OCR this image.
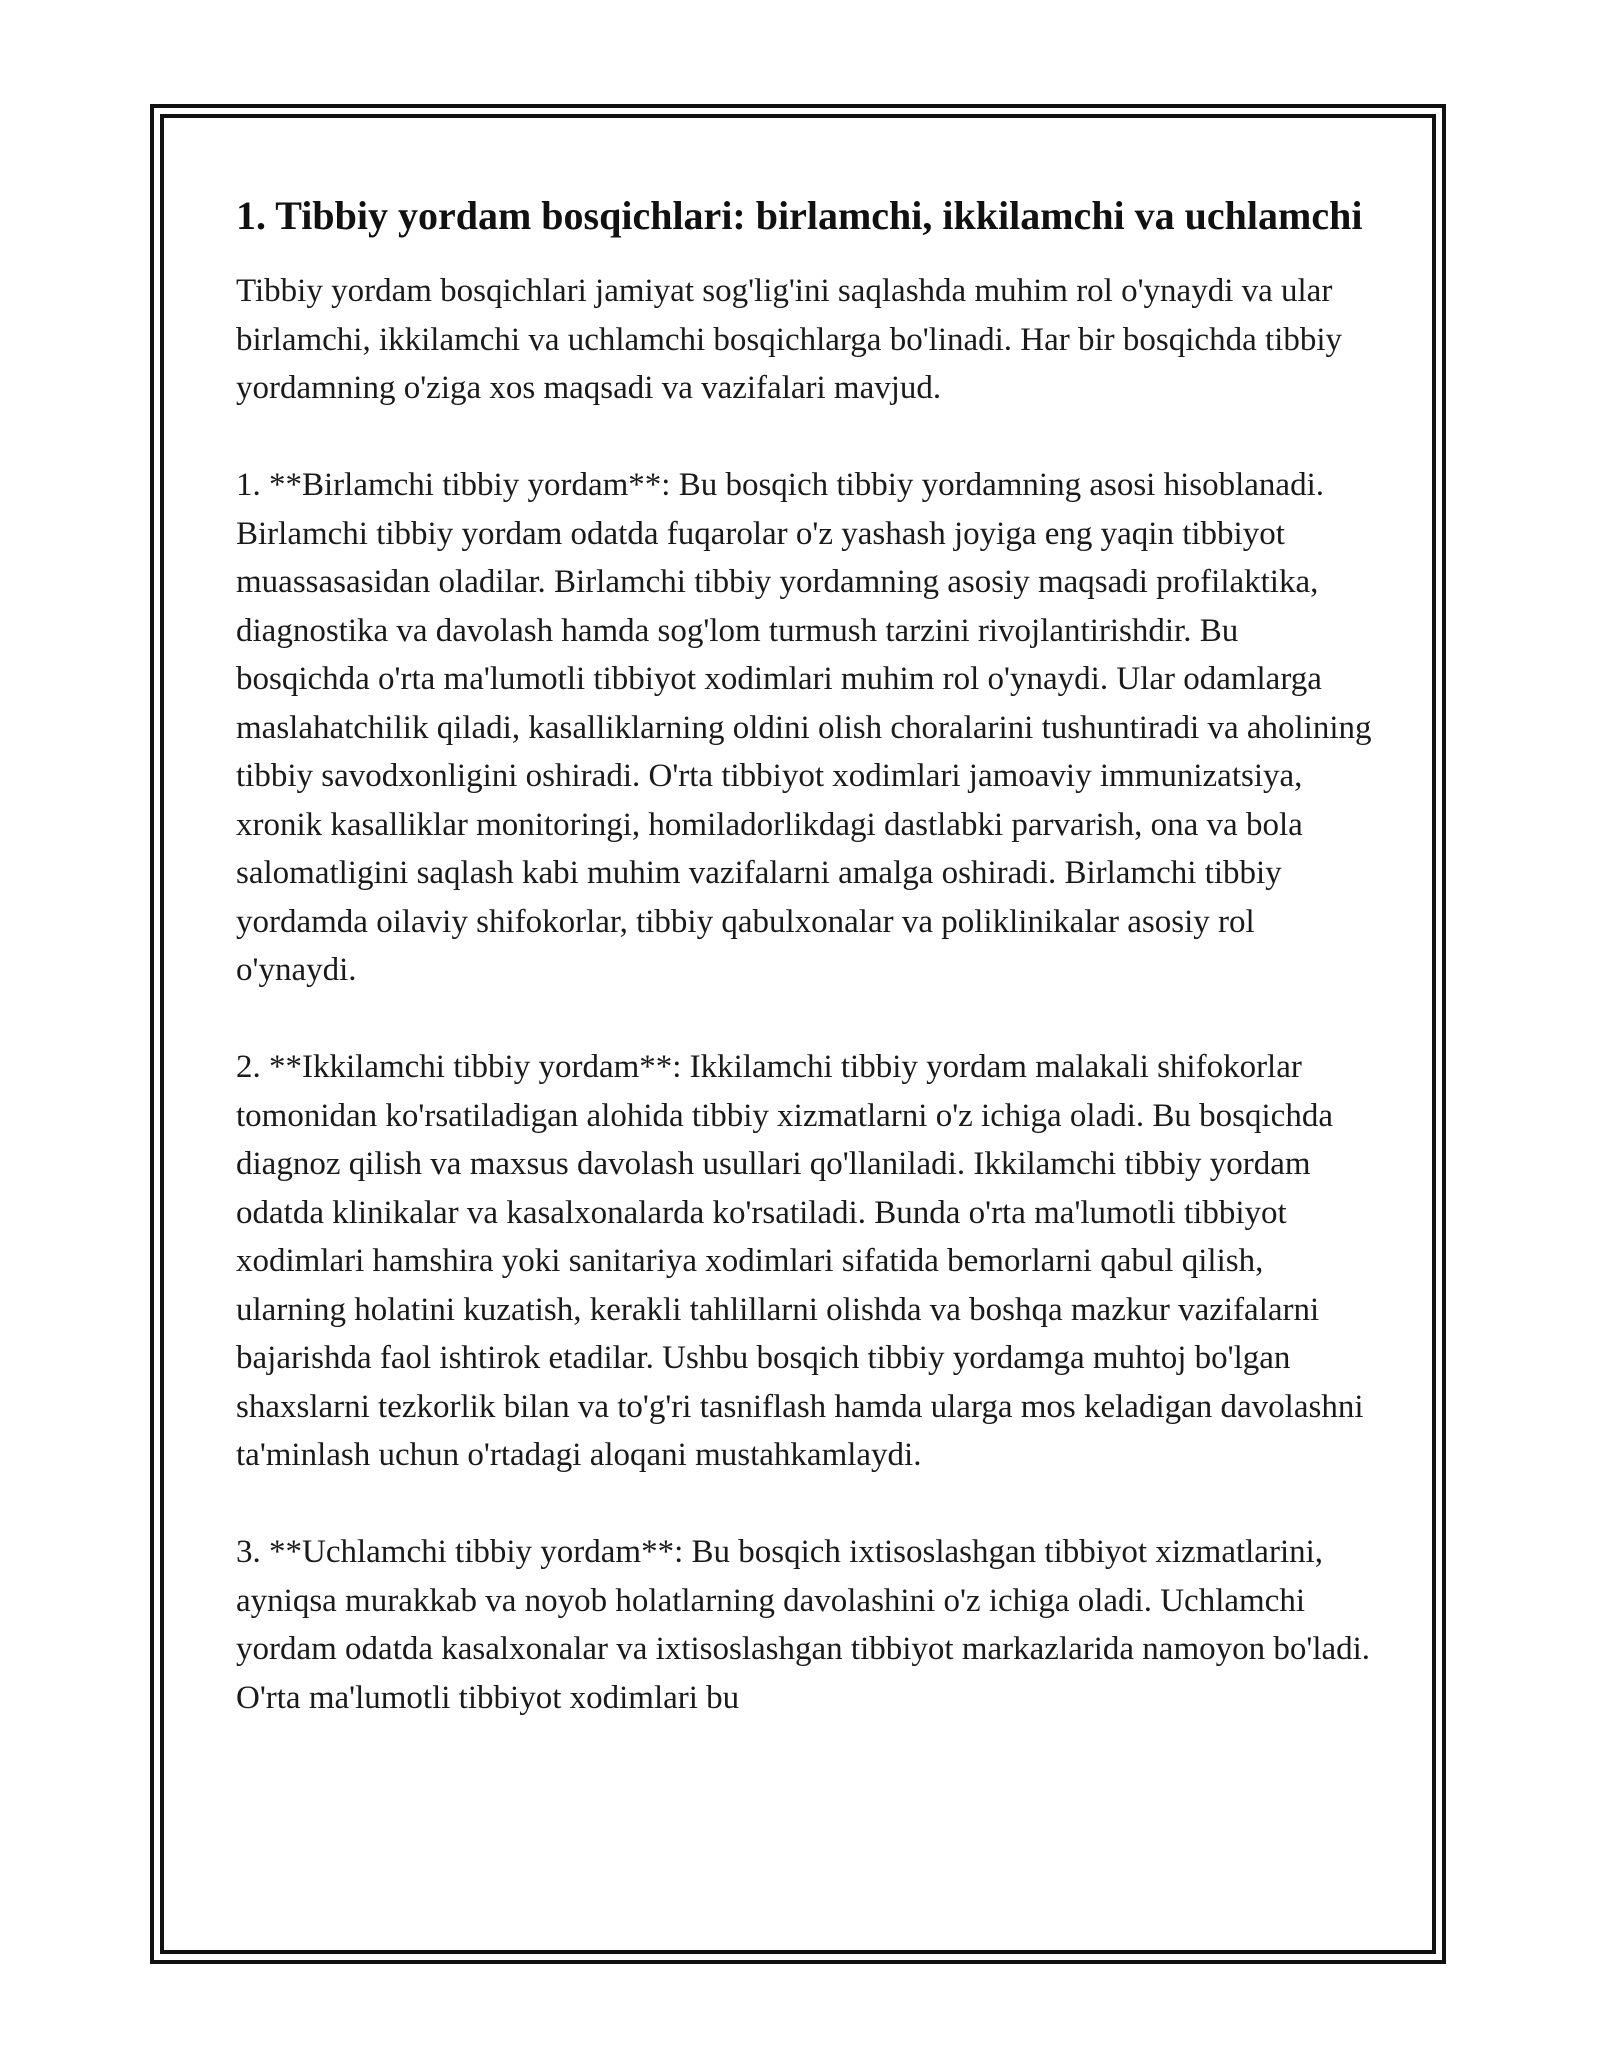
1. Tibbiy yordam bosqichlari: birlamchi, ikkilamchi va uchlamchi

Tibbiy yordam bosqichlari jamiyat sog'lig'ini saqlashda muhim rol o'ynaydi va ular birlamchi, ikkilamchi va uchlamchi bosqichlarga bo'linadi. Har bir bosqichda tibbiy yordamning o'ziga xos maqsadi va vazifalari mavjud.

1. **Birlamchi tibbiy yordam**: Bu bosqich tibbiy yordamning asosi hisoblanadi. Birlamchi tibbiy yordam odatda fuqarolar o'z yashash joyiga eng yaqin tibbiyot muassasasidan oladilar. Birlamchi tibbiy yordamning asosiy maqsadi profilaktika, diagnostika va davolash hamda sog'lom turmush tarzini rivojlantirishdir. Bu bosqichda o'rta ma'lumotli tibbiyot xodimlari muhim rol o'ynaydi. Ular odamlarga maslahatchilik qiladi, kasalliklarning oldini olish choralarini tushuntiradi va aholining tibbiy savodxonligini oshiradi. O'rta tibbiyot xodimlari jamoaviy immunizatsiya, xronik kasalliklar monitoringi, homiladorlikdagi dastlabki parvarish, ona va bola salomatligini saqlash kabi muhim vazifalarni amalga oshiradi. Birlamchi tibbiy yordamda oilaviy shifokorlar, tibbiy qabulxonalar va poliklinikalar asosiy rol o'ynaydi.

2. **Ikkilamchi tibbiy yordam**: Ikkilamchi tibbiy yordam malakali shifokorlar tomonidan ko'rsatiladigan alohida tibbiy xizmatlarni o'z ichiga oladi. Bu bosqichda diagnoz qilish va maxsus davolash usullari qo'llaniladi. Ikkilamchi tibbiy yordam odatda klinikalar va kasalxonalarda ko'rsatiladi. Bunda o'rta ma'lumotli tibbiyot xodimlari hamshira yoki sanitariya xodimlari sifatida bemorlarni qabul qilish, ularning holatini kuzatish, kerakli tahlillarni olishda va boshqa mazkur vazifalarni bajarishda faol ishtirok etadilar. Ushbu bosqich tibbiy yordamga muhtoj bo'lgan shaxslarni tezkorlik bilan va to'g'ri tasniflash hamda ularga mos keladigan davolashni ta'minlash uchun o'rtadagi aloqani mustahkamlaydi.

3. **Uchlamchi tibbiy yordam**: Bu bosqich ixtisoslashgan tibbiyot xizmatlarini, ayniqsa murakkab va noyob holatlarning davolashini o'z ichiga oladi. Uchlamchi yordam odatda kasalxonalar va ixtisoslashgan tibbiyot markazlarida namoyon bo'ladi. O'rta ma'lumotli tibbiyot xodimlari bu
